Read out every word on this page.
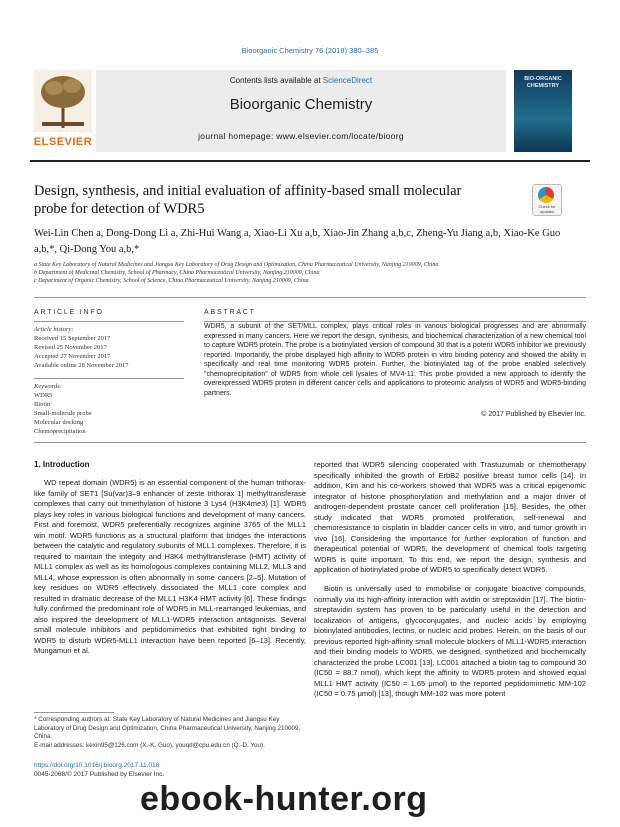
Bioorganic Chemistry 76 (2018) 380–385
ELSEVIER
Contents lists available at ScienceDirect
Bioorganic Chemistry
journal homepage: www.elsevier.com/locate/bioorg
BIO-ORGANIC CHEMISTRY
Design, synthesis, and initial evaluation of affinity-based small molecular probe for detection of WDR5	Check for updates
Wei-Lin Chen a, Dong-Dong Li a, Zhi-Hui Wang a, Xiao-Li Xu a,b, Xiao-Jin Zhang a,b,c, Zheng-Yu Jiang a,b, Xiao-Ke Guo a,b,*, Qi-Dong You a,b,*
a State Key Laboratory of Natural Medicines and Jiangsu Key Laboratory of Drug Design and Optimization, China Pharmaceutical University, Nanjing 210009, China
b Department of Medicinal Chemistry, School of Pharmacy, China Pharmaceutical University, Nanjing 210009, China
c Department of Organic Chemistry, School of Science, China Pharmaceutical University, Nanjing 210009, China
ARTICLE INFO
Article history:
Received 15 September 2017
Revised 25 November 2017
Accepted 27 November 2017
Available online 28 November 2017
Keywords:
WDR5
Biotin
Small-molecule probe
Molecular docking
Chemoprecipitation
ABSTRACT
WDR5, a subunit of the SET/MLL complex, plays critical roles in various biological progresses and are abnormally expressed in many cancers. Here we report the design, synthesis, and biochemical characterization of a new chemical tool to capture WDR5 protein. The probe is a biotinylated version of compound 30 that is a potent WDR5 inhibitor we previously reported. Importantly, the probe displayed high affinity to WDR5 protein in vitro binding potency and showed the ability in specifically and real time monitoring WDR5 protein. Further, the biotinylated tag of the probe enabled selectively "chemoprecipitation" of WDR5 from whole cell lysates of MV4-11. This probe provided a new approach to identify the overexpressed WDR5 protein in different cancer cells and applications to proteomic analysis of WDR5 and WDR5-binding partners.
© 2017 Published by Elsevier Inc.
1. Introduction
WD repeat domain (WDR5) is an essential component of the human trithorax-like family of SET1 [Su(var)3–9 enhancer of zeste trithorax 1] methyltransferase complexes that carry out trimethylation of histone 3 Lys4 (H3K4me3) [1]. WDR5 plays key roles in various biological functions and development of many cancers. First and foremost, WDR5 preferentially recognizes arginine 3765 of the MLL1 win motif. WDR5 functions as a structural platform that bridges the interactions between the catalytic and regulatory subunits of MLL1 complexes. Therefore, it is required to maintain the integrity and H3K4 methyltransferase (HMT) activity of MLL1 complex as well as its homologous complexes containing MLL2, MLL3 and MLL4, whose expression is often abnormally in some cancers [2–5]. Mutation of key residues on WDR5 effectively dissociated the MLL1 core complex and resulted in dramatic decrease of the MLL1 H3K4 HMT activity [6]. These findings fully confirmed the predominant role of WDR5 in MLL-rearranged leukemias, and also inspired the development of MLL1-WDR5 interaction antagonists. Several small molecule inhibitors and peptidomimetics that exhibited tight binding to WDR5 to disturb WDR5-MLL1 interaction have been reported [6–13]. Recently, Mungamuri et al.
reported that WDR5 silencing cooperated with Trastuzumab or chemotherapy specifically inhibited the growth of ErbB2 positive breast tumor cells [14]. In addition, Kim and his co-workers showed that WDR5 was a critical epigenomic integrator of histone phosphorylation and methylation and a major driver of androgen-dependent prostate cancer cell proliferation [15]. Besides, the other study indicated that WDR5 promoted proliferation, self-renewal and chemoresistance to cisplatin in bladder cancer cells in vitro, and tumor growth in vivo [16]. Considering the importance for further exploration of function and therapeutical potential of WDR5, the development of chemical tools targeting WDR5 is quite important. To this end, we report the design, synthesis and application of biotinylated probe of WDR5 to specifically detect WDR5.
Biotin is universally used to immobilise or conjugate bioactive compounds, normally via its high-affinity interaction with avidin or streptavidin [17]. The biotin-streptavidin system has proven to be particularly useful in the detection and localization of antigens, glycoconjugates, and nucleic acids by employing biotinylated antibodies, lectins, or nucleic acid probes. Herein, on the basis of our previous reported high-affinity small molecule blockers of MLL1-WDR5 interaction and their binding models to WDR5, we designed, synthetized and biochemically characterized the probe LC001 [13]. LC001 attached a biotin tag to compound 30 (IC50 = 88.7 nmol), which kept the affinity to WDR5 protein and showed equal MLL1 HMT activity (IC50 = 1.65 μmol) to the reported peptidomimetic MM-102 (IC50 = 0.75 μmol) [13], though MM-102 was more potent
* Corresponding authors at: State Key Laboratory of Natural Medicines and Jiangsu Key Laboratory of Drug Design and Optimization, China Pharmaceutical University, Nanjing 210009, China.
E-mail addresses: kexin95@126.com (X.-K. Guo), youqd@cpu.edu.cn (Q.-D. You).
https://doi.org/10.1016/j.bioorg.2017.11.018
0045-2068/© 2017 Published by Elsevier Inc.
ebook-hunter.org
